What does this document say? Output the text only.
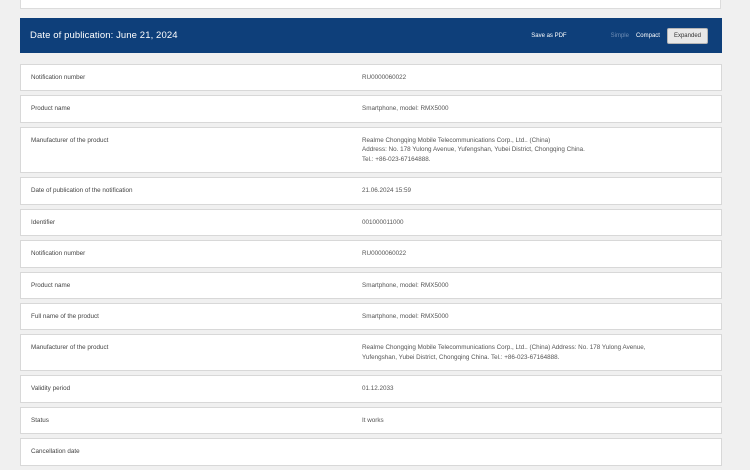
Date of publication: June 21, 2024	Save as PDF	Simple Compact	Expanded
Notification number	RU0000060022
Product name	Smartphone, model: RMX5000
Manufacturer of the product	Realme Chongqing Mobile Telecommunications Corp., Ltd.. (China)
Address: No. 178 Yulong Avenue, Yufengshan, Yubei District, Chongqing China.
Tel.: +86-023-67164888.
Date of publication of the notification	21.06.2024 15:59
Identifier	001000011000
Notification number	RU0000060022
Product name	Smartphone, model: RMX5000
Full name of the product	Smartphone, model: RMX5000
Manufacturer of the product	Realme Chongqing Mobile Telecommunications Corp., Ltd.. (China) Address: No. 178 Yulong Avenue,
Yufengshan, Yubei District, Chongqing China. Tel.: +86-023-67164888.
Validity period	01.12.2033
Status	It works
Cancellation date
